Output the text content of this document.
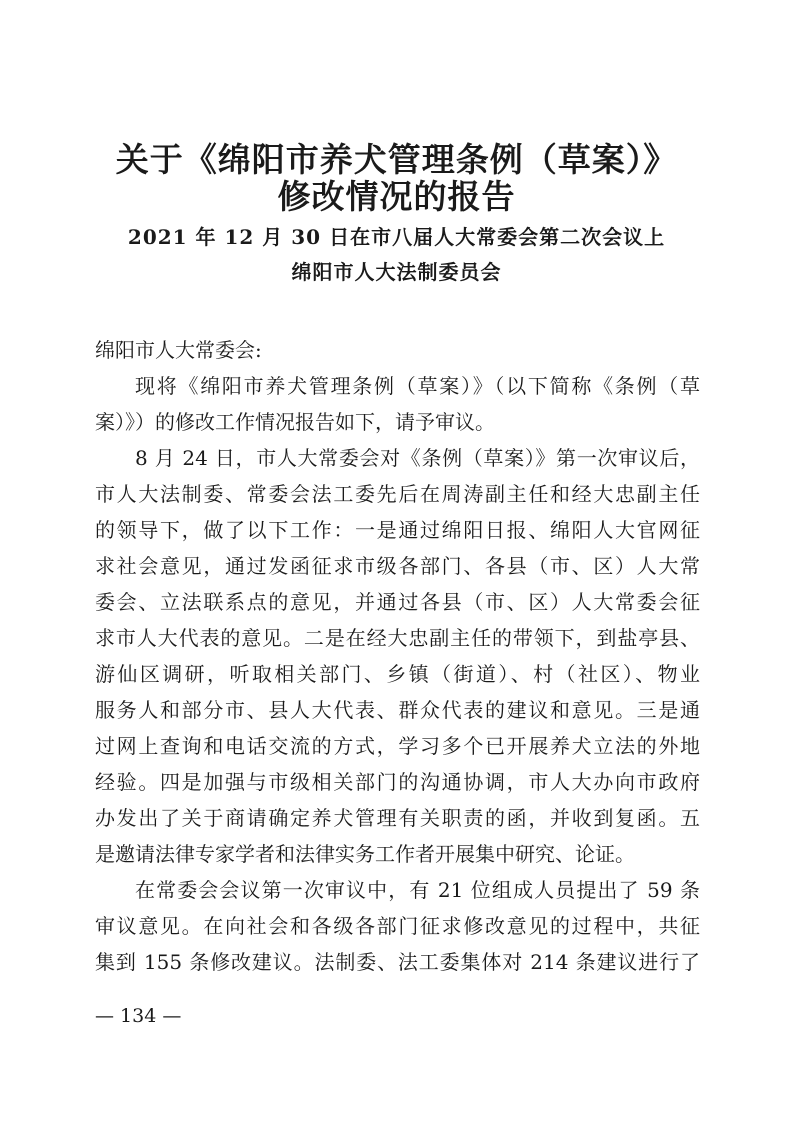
关于《绵阳市养犬管理条例（草案）》
修改情况的报告

2021 年 12 月 30 日在市八届人大常委会第二次会议上

绵阳市人大法制委员会

绵阳市人大常委会:

现将《绵阳市养犬管理条例（草案）》（以下简称《条例（草

案）》）的修改工作情况报告如下，请予审议。

8 月 24 日，市人大常委会对《条例（草案）》第一次审议后，

市人大法制委、常委会法工委先后在周涛副主任和经大忠副主任

的领导下，做了以下工作：一是通过绵阳日报、绵阳人大官网征

求社会意见，通过发函征求市级各部门、各县（市、区）人大常

委会、立法联系点的意见，并通过各县（市、区）人大常委会征

求市人大代表的意见。二是在经大忠副主任的带领下，到盐亭县、

游仙区调研，听取相关部门、乡镇（街道）、村（社区）、物业

服务人和部分市、县人大代表、群众代表的建议和意见。三是通

过网上查询和电话交流的方式，学习多个已开展养犬立法的外地

经验。四是加强与市级相关部门的沟通协调，市人大办向市政府

办发出了关于商请确定养犬管理有关职责的函，并收到复函。五

是邀请法律专家学者和法律实务工作者开展集中研究、论证。

在常委会会议第一次审议中，有 21 位组成人员提出了 59 条

审议意见。在向社会和各级各部门征求修改意见的过程中，共征

集到 155 条修改建议。法制委、法工委集体对 214 条建议进行了

— 134 —
